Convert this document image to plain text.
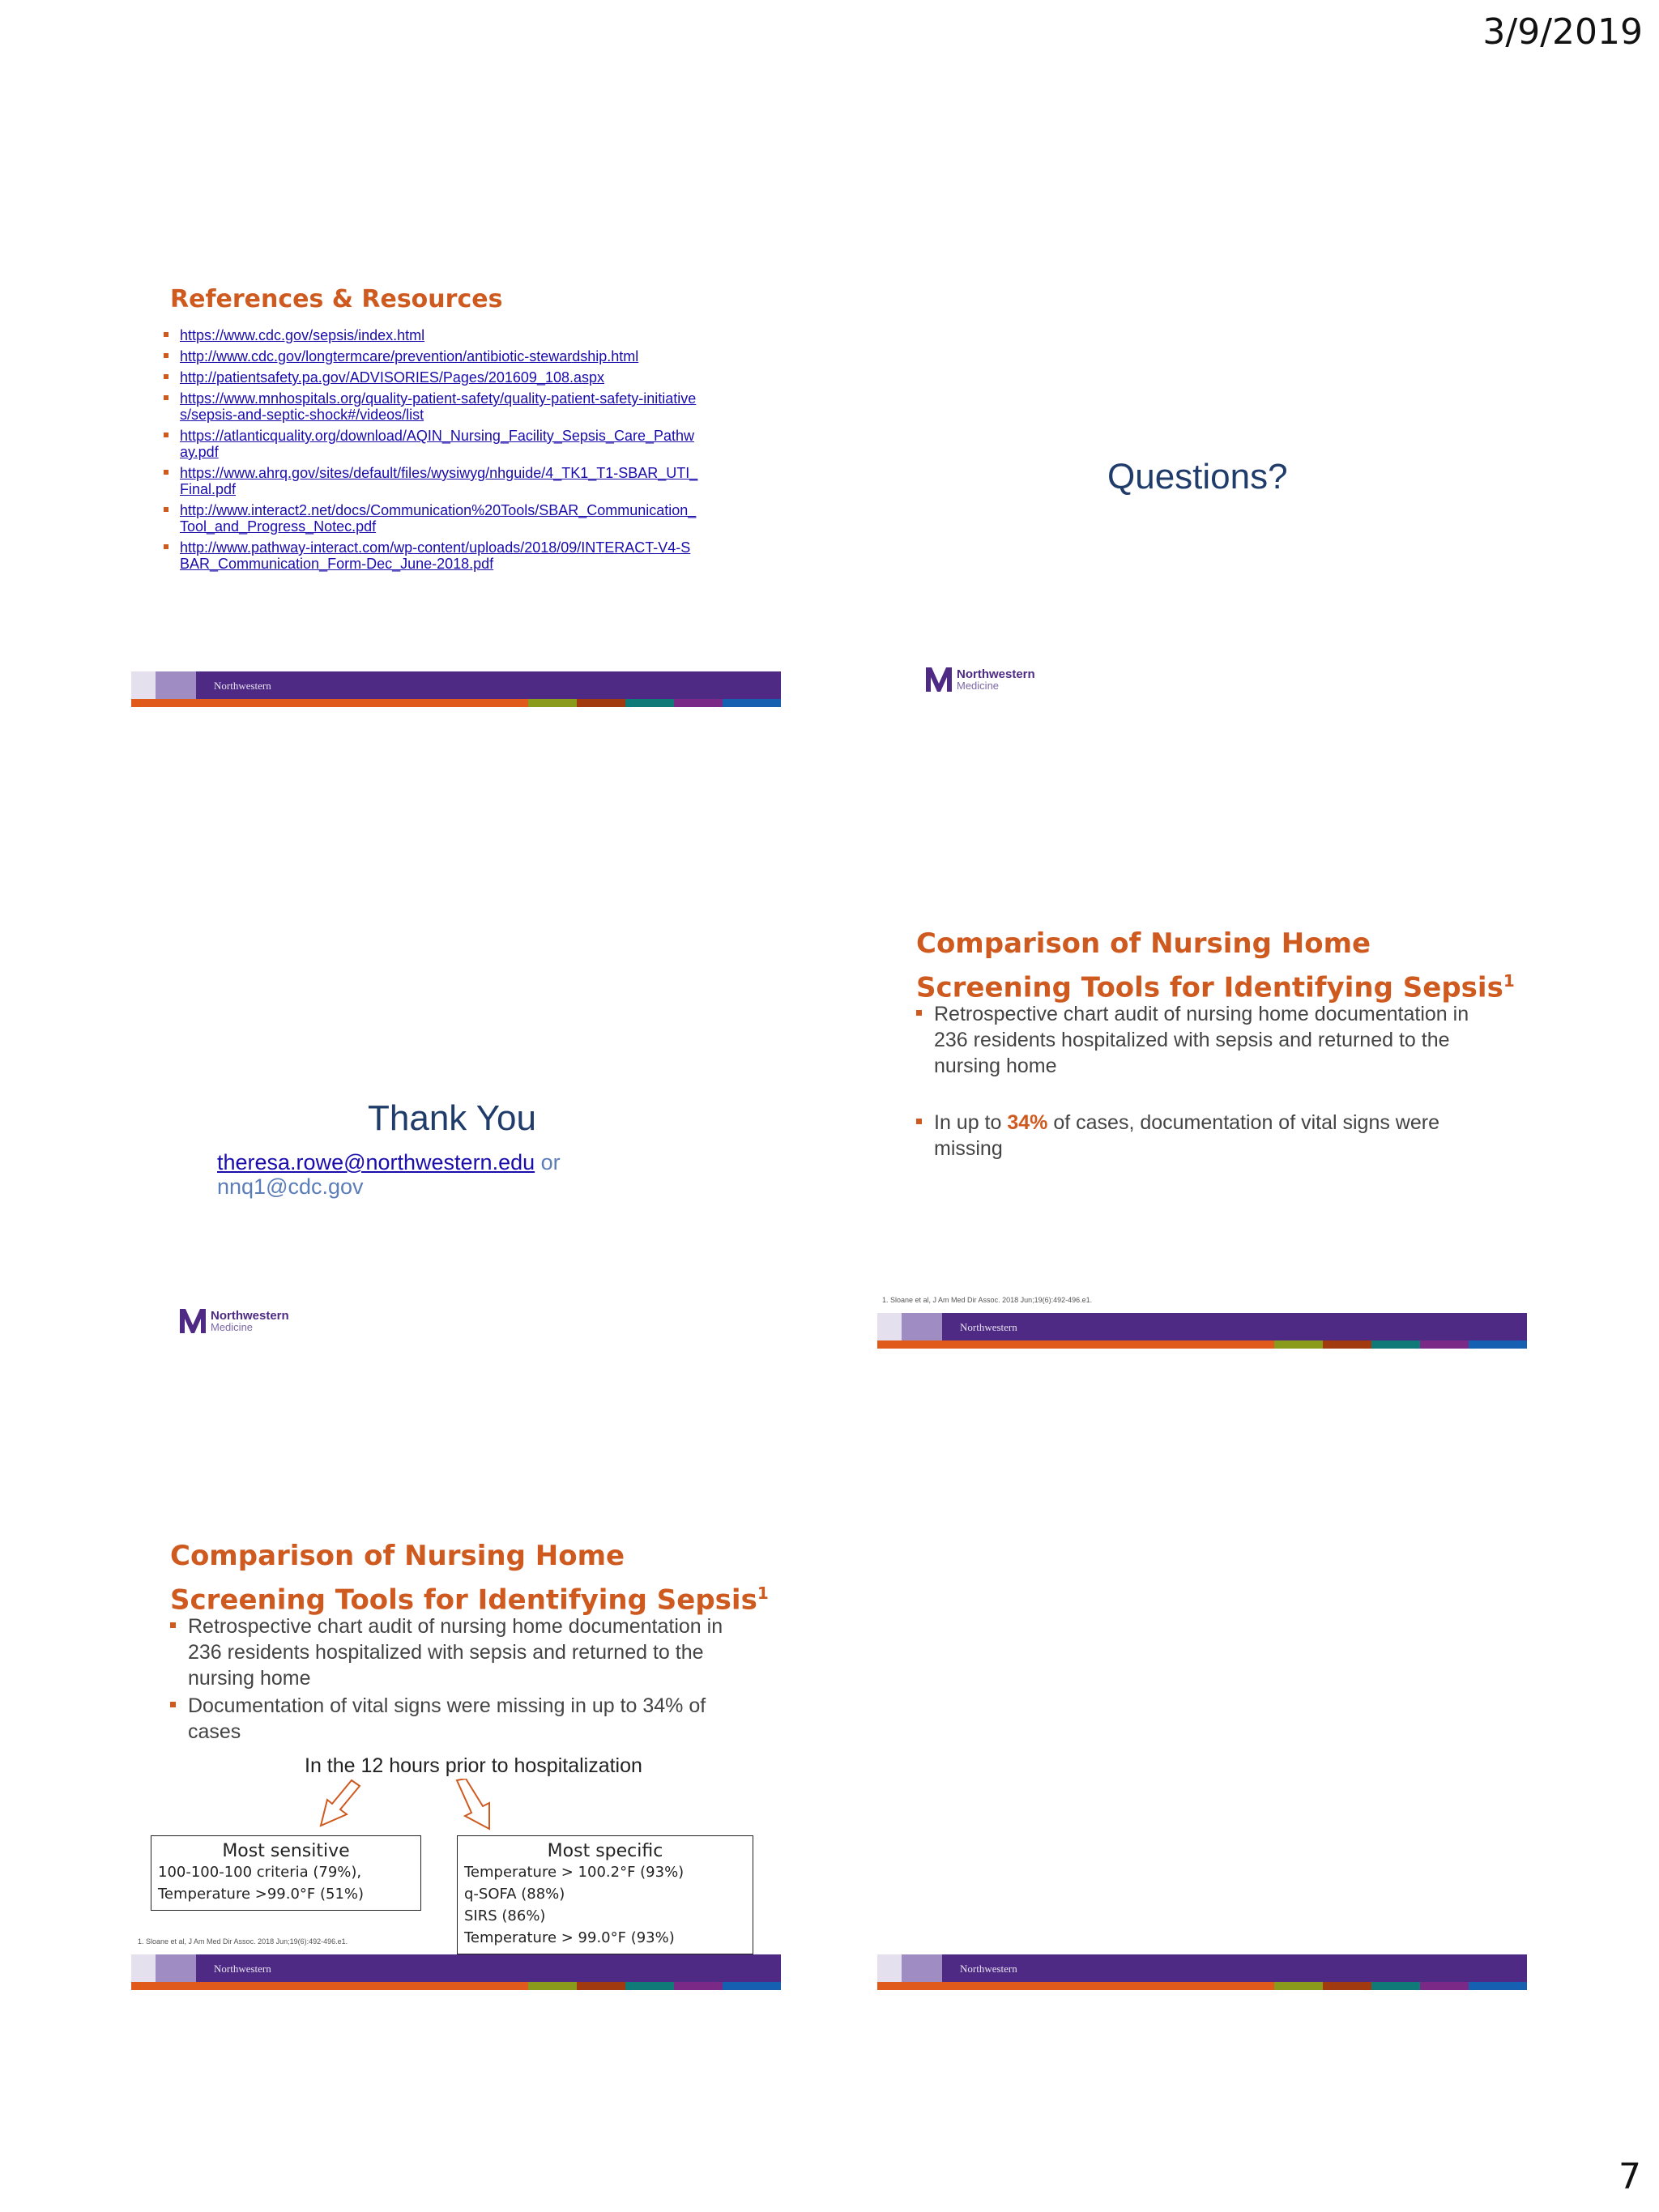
3/9/2019
References & Resources
https://www.cdc.gov/sepsis/index.html
http://www.cdc.gov/longtermcare/prevention/antibiotic-stewardship.html
http://patientsafety.pa.gov/ADVISORIES/Pages/201609_108.aspx
https://www.mnhospitals.org/quality-patient-safety/quality-patient-safety-initiatives/sepsis-and-septic-shock#/videos/list
https://atlanticquality.org/download/AQIN_Nursing_Facility_Sepsis_Care_Pathway.pdf
https://www.ahrq.gov/sites/default/files/wysiwyg/nhguide/4_TK1_T1-SBAR_UTI_Final.pdf
http://www.interact2.net/docs/Communication%20Tools/SBAR_Communication_Tool_and_Progress_Notec.pdf
http://www.pathway-interact.com/wp-content/uploads/2018/09/INTERACT-V4-SBAR_Communication_Form-Dec_June-2018.pdf
Northwestern
Questions?
Northwestern
Medicine
Thank You
theresa.rowe@northwestern.edu or
nnq1@cdc.gov
Northwestern
Medicine
Comparison of Nursing Home Screening Tools for Identifying Sepsis$^1$
Retrospective chart audit of nursing home documentation in 236 residents hospitalized with sepsis and returned to the nursing home
In up to 34% of cases, documentation of vital signs were missing
1. Sloane et al, J Am Med Dir Assoc. 2018 Jun;19(6):492-496.e1.
Northwestern
Comparison of Nursing Home Screening Tools for Identifying Sepsis$^1$
Retrospective chart audit of nursing home documentation in 236 residents hospitalized with sepsis and returned to the nursing home
Documentation of vital signs were missing in up to 34% of cases
In the 12 hours prior to hospitalization
Most sensitive
100-100-100 criteria (79%),
Temperature >99.0°F (51%)
Most specific
Temperature > 100.2°F (93%)
q-SOFA (88%)
SIRS (86%)
Temperature > 99.0°F (93%)
1. Sloane et al, J Am Med Dir Assoc. 2018 Jun;19(6):492-496.e1.
Northwestern	Northwestern
7
